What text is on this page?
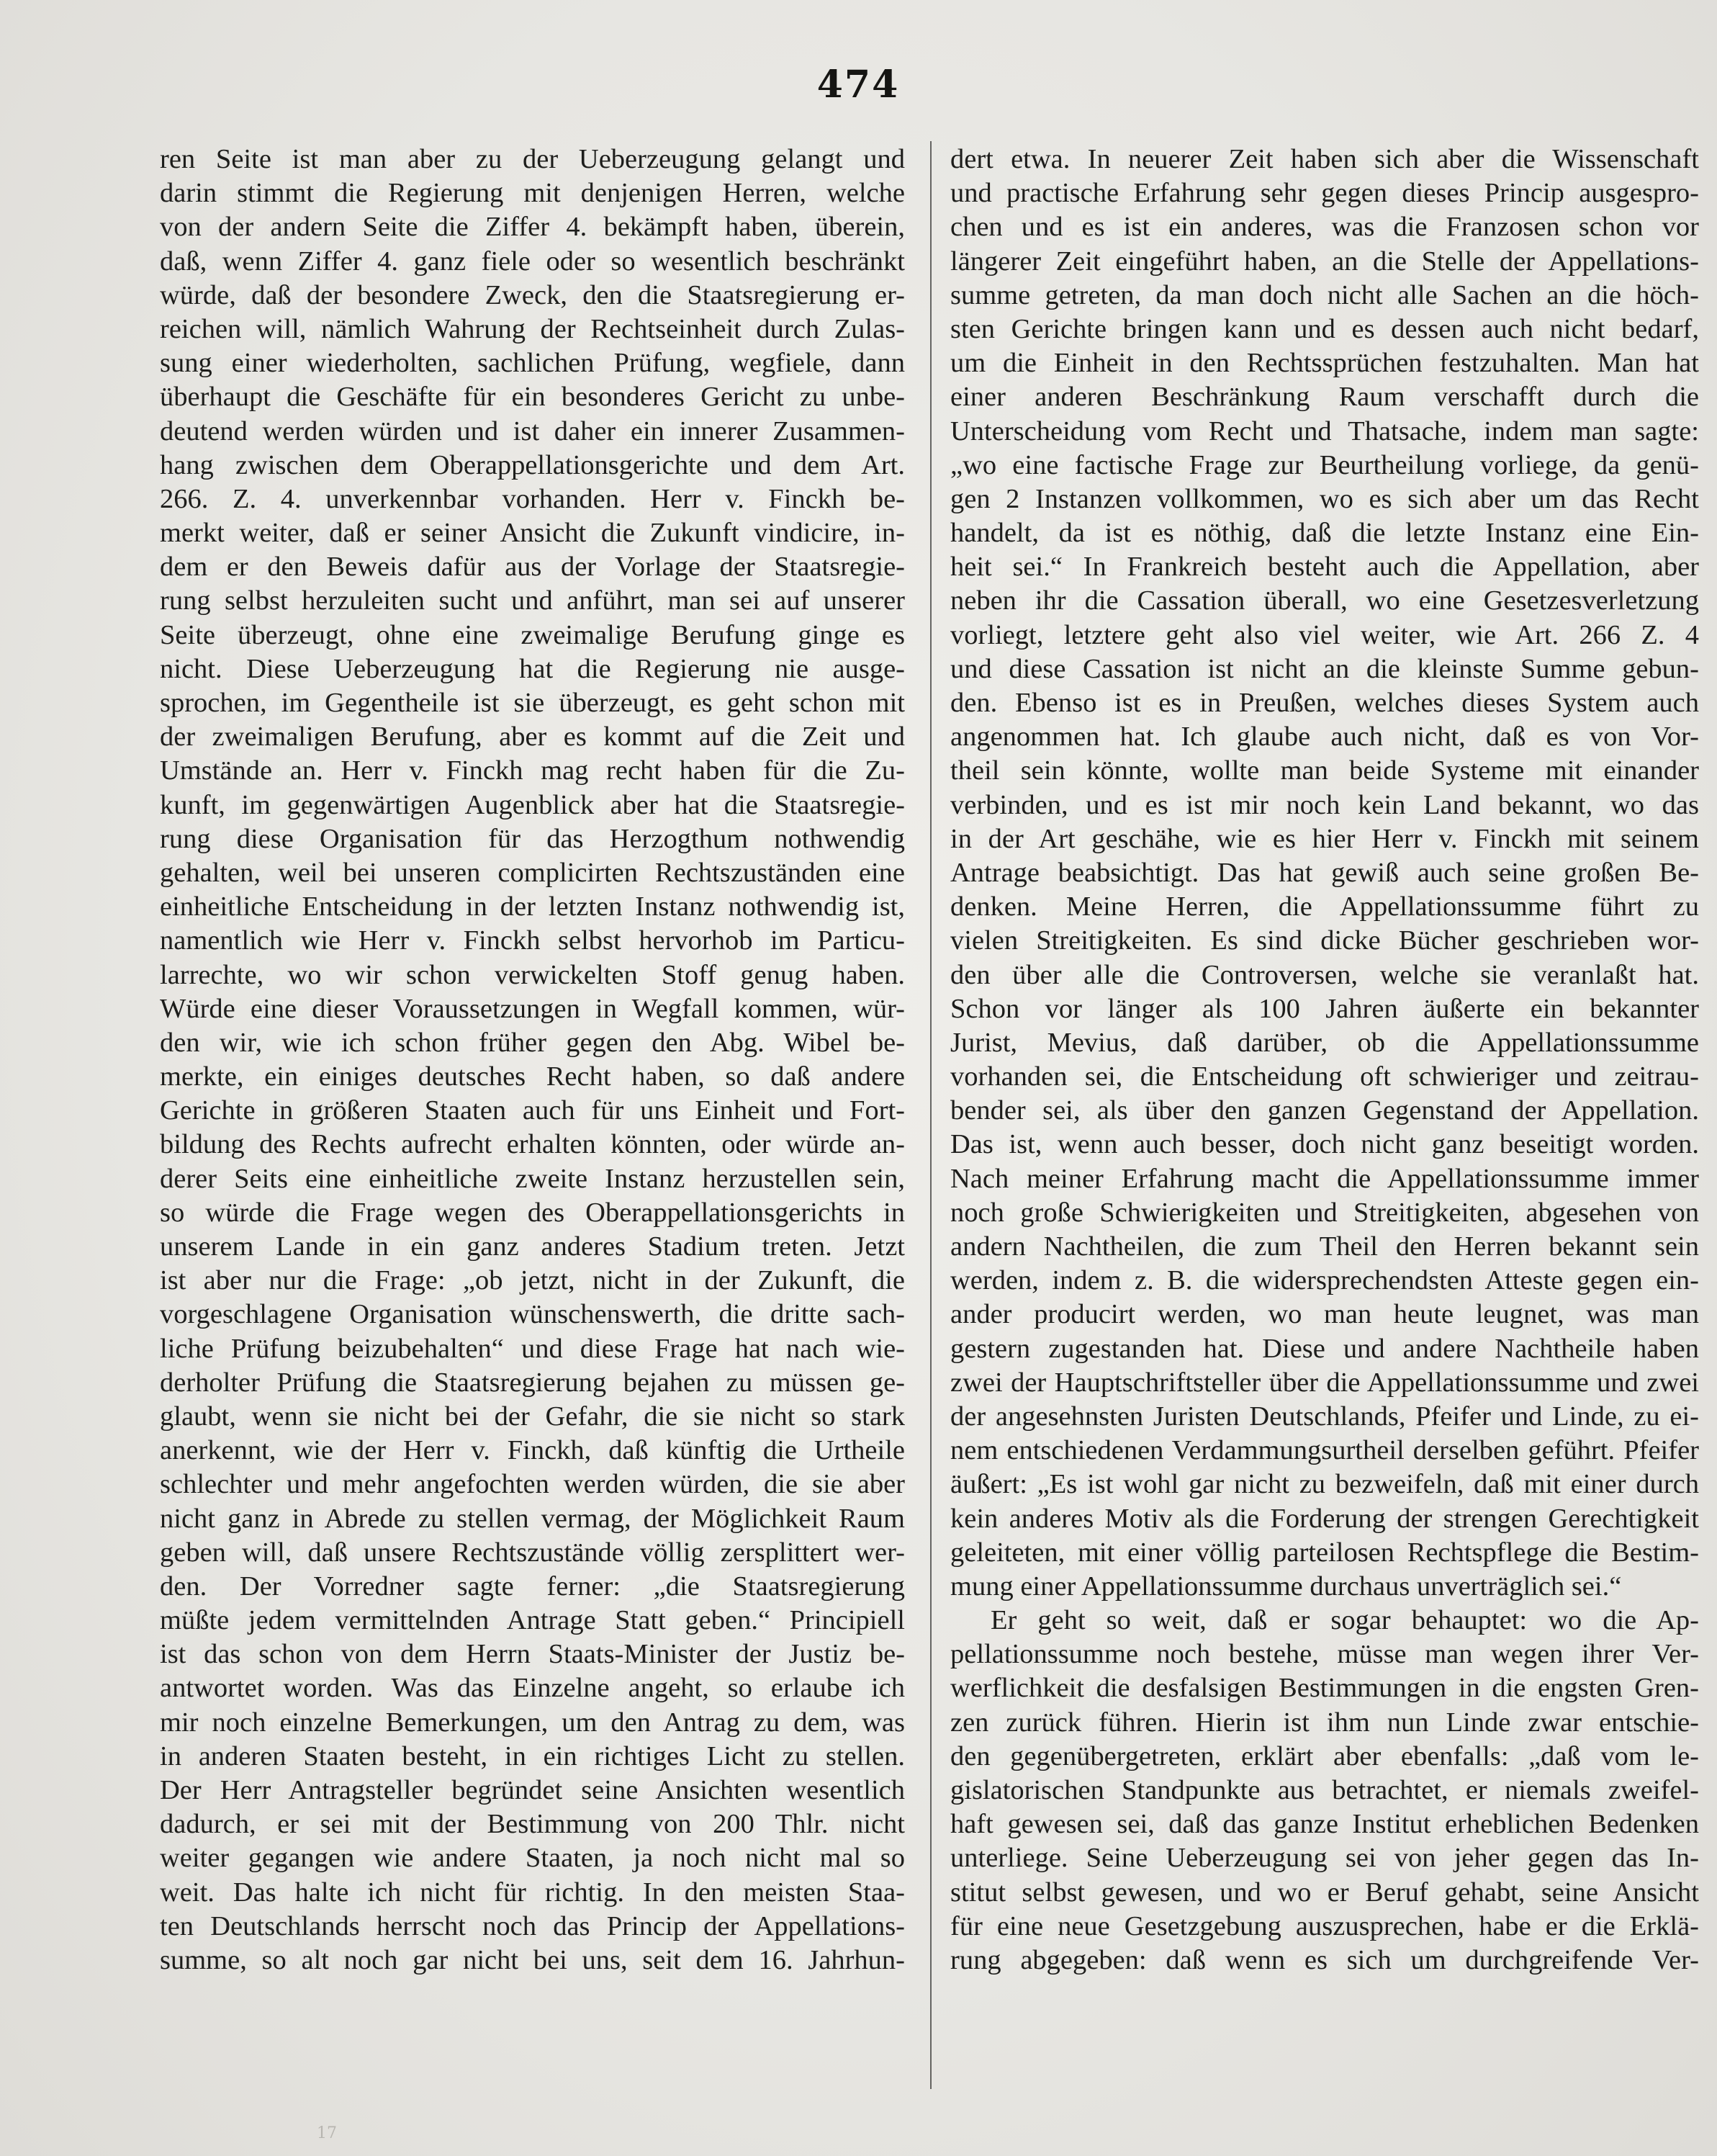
474
ren Seite ist man aber zu der Ueberzeugung gelangt und
darin stimmt die Regierung mit denjenigen Herren, welche
von der andern Seite die Ziffer 4. bekämpft haben, überein,
daß, wenn Ziffer 4. ganz fiele oder so wesentlich beschränkt
würde, daß der besondere Zweck, den die Staatsregierung er-
reichen will, nämlich Wahrung der Rechtseinheit durch Zulas-
sung einer wiederholten, sachlichen Prüfung, wegfiele, dann
überhaupt die Geschäfte für ein besonderes Gericht zu unbe-
deutend werden würden und ist daher ein innerer Zusammen-
hang zwischen dem Oberappellationsgerichte und dem Art.
266. Z. 4. unverkennbar vorhanden. Herr v. Finckh be-
merkt weiter, daß er seiner Ansicht die Zukunft vindicire, in-
dem er den Beweis dafür aus der Vorlage der Staatsregie-
rung selbst herzuleiten sucht und anführt, man sei auf unserer
Seite überzeugt, ohne eine zweimalige Berufung ginge es
nicht. Diese Ueberzeugung hat die Regierung nie ausge-
sprochen, im Gegentheile ist sie überzeugt, es geht schon mit
der zweimaligen Berufung, aber es kommt auf die Zeit und
Umstände an. Herr v. Finckh mag recht haben für die Zu-
kunft, im gegenwärtigen Augenblick aber hat die Staatsregie-
rung diese Organisation für das Herzogthum nothwendig
gehalten, weil bei unseren complicirten Rechtszuständen eine
einheitliche Entscheidung in der letzten Instanz nothwendig ist,
namentlich wie Herr v. Finckh selbst hervorhob im Particu-
larrechte, wo wir schon verwickelten Stoff genug haben.
Würde eine dieser Voraussetzungen in Wegfall kommen, wür-
den wir, wie ich schon früher gegen den Abg. Wibel be-
merkte, ein einiges deutsches Recht haben, so daß andere
Gerichte in größeren Staaten auch für uns Einheit und Fort-
bildung des Rechts aufrecht erhalten könnten, oder würde an-
derer Seits eine einheitliche zweite Instanz herzustellen sein,
so würde die Frage wegen des Oberappellationsgerichts in
unserem Lande in ein ganz anderes Stadium treten. Jetzt
ist aber nur die Frage: „ob jetzt, nicht in der Zukunft, die
vorgeschlagene Organisation wünschenswerth, die dritte sach-
liche Prüfung beizubehalten“ und diese Frage hat nach wie-
derholter Prüfung die Staatsregierung bejahen zu müssen ge-
glaubt, wenn sie nicht bei der Gefahr, die sie nicht so stark
anerkennt, wie der Herr v. Finckh, daß künftig die Urtheile
schlechter und mehr angefochten werden würden, die sie aber
nicht ganz in Abrede zu stellen vermag, der Möglichkeit Raum
geben will, daß unsere Rechtszustände völlig zersplittert wer-
den. Der Vorredner sagte ferner: „die Staatsregierung
müßte jedem vermittelnden Antrage Statt geben.“ Principiell
ist das schon von dem Herrn Staats-Minister der Justiz be-
antwortet worden. Was das Einzelne angeht, so erlaube ich
mir noch einzelne Bemerkungen, um den Antrag zu dem, was
in anderen Staaten besteht, in ein richtiges Licht zu stellen.
Der Herr Antragsteller begründet seine Ansichten wesentlich
dadurch, er sei mit der Bestimmung von 200 Thlr. nicht
weiter gegangen wie andere Staaten, ja noch nicht mal so
weit. Das halte ich nicht für richtig. In den meisten Staa-
ten Deutschlands herrscht noch das Princip der Appellations-
summe, so alt noch gar nicht bei uns, seit dem 16. Jahrhun-
dert etwa. In neuerer Zeit haben sich aber die Wissenschaft
und practische Erfahrung sehr gegen dieses Princip ausgespro-
chen und es ist ein anderes, was die Franzosen schon vor
längerer Zeit eingeführt haben, an die Stelle der Appellations-
summe getreten, da man doch nicht alle Sachen an die höch-
sten Gerichte bringen kann und es dessen auch nicht bedarf,
um die Einheit in den Rechtssprüchen festzuhalten. Man hat
einer anderen Beschränkung Raum verschafft durch die
Unterscheidung vom Recht und Thatsache, indem man sagte:
„wo eine factische Frage zur Beurtheilung vorliege, da genü-
gen 2 Instanzen vollkommen, wo es sich aber um das Recht
handelt, da ist es nöthig, daß die letzte Instanz eine Ein-
heit sei.“ In Frankreich besteht auch die Appellation, aber
neben ihr die Cassation überall, wo eine Gesetzesverletzung
vorliegt, letztere geht also viel weiter, wie Art. 266 Z. 4
und diese Cassation ist nicht an die kleinste Summe gebun-
den. Ebenso ist es in Preußen, welches dieses System auch
angenommen hat. Ich glaube auch nicht, daß es von Vor-
theil sein könnte, wollte man beide Systeme mit einander
verbinden, und es ist mir noch kein Land bekannt, wo das
in der Art geschähe, wie es hier Herr v. Finckh mit seinem
Antrage beabsichtigt. Das hat gewiß auch seine großen Be-
denken. Meine Herren, die Appellationssumme führt zu
vielen Streitigkeiten. Es sind dicke Bücher geschrieben wor-
den über alle die Controversen, welche sie veranlaßt hat.
Schon vor länger als 100 Jahren äußerte ein bekannter
Jurist, Mevius, daß darüber, ob die Appellationssumme
vorhanden sei, die Entscheidung oft schwieriger und zeitrau-
bender sei, als über den ganzen Gegenstand der Appellation.
Das ist, wenn auch besser, doch nicht ganz beseitigt worden.
Nach meiner Erfahrung macht die Appellationssumme immer
noch große Schwierigkeiten und Streitigkeiten, abgesehen von
andern Nachtheilen, die zum Theil den Herren bekannt sein
werden, indem z. B. die widersprechendsten Atteste gegen ein-
ander producirt werden, wo man heute leugnet, was man
gestern zugestanden hat. Diese und andere Nachtheile haben
zwei der Hauptschriftsteller über die Appellationssumme und zwei
der angesehnsten Juristen Deutschlands, Pfeifer und Linde, zu ei-
nem entschiedenen Verdammungsurtheil derselben geführt. Pfeifer
äußert: „Es ist wohl gar nicht zu bezweifeln, daß mit einer durch
kein anderes Motiv als die Forderung der strengen Gerechtigkeit
geleiteten, mit einer völlig parteilosen Rechtspflege die Bestim-
mung einer Appellationssumme durchaus unverträglich sei.“
Er geht so weit, daß er sogar behauptet: wo die Ap-
pellationssumme noch bestehe, müsse man wegen ihrer Ver-
werflichkeit die desfalsigen Bestimmungen in die engsten Gren-
zen zurück führen. Hierin ist ihm nun Linde zwar entschie-
den gegenübergetreten, erklärt aber ebenfalls: „daß vom le-
gislatorischen Standpunkte aus betrachtet, er niemals zweifel-
haft gewesen sei, daß das ganze Institut erheblichen Bedenken
unterliege. Seine Ueberzeugung sei von jeher gegen das In-
stitut selbst gewesen, und wo er Beruf gehabt, seine Ansicht
für eine neue Gesetzgebung auszusprechen, habe er die Erklä-
rung abgegeben: daß wenn es sich um durchgreifende Ver-
17
